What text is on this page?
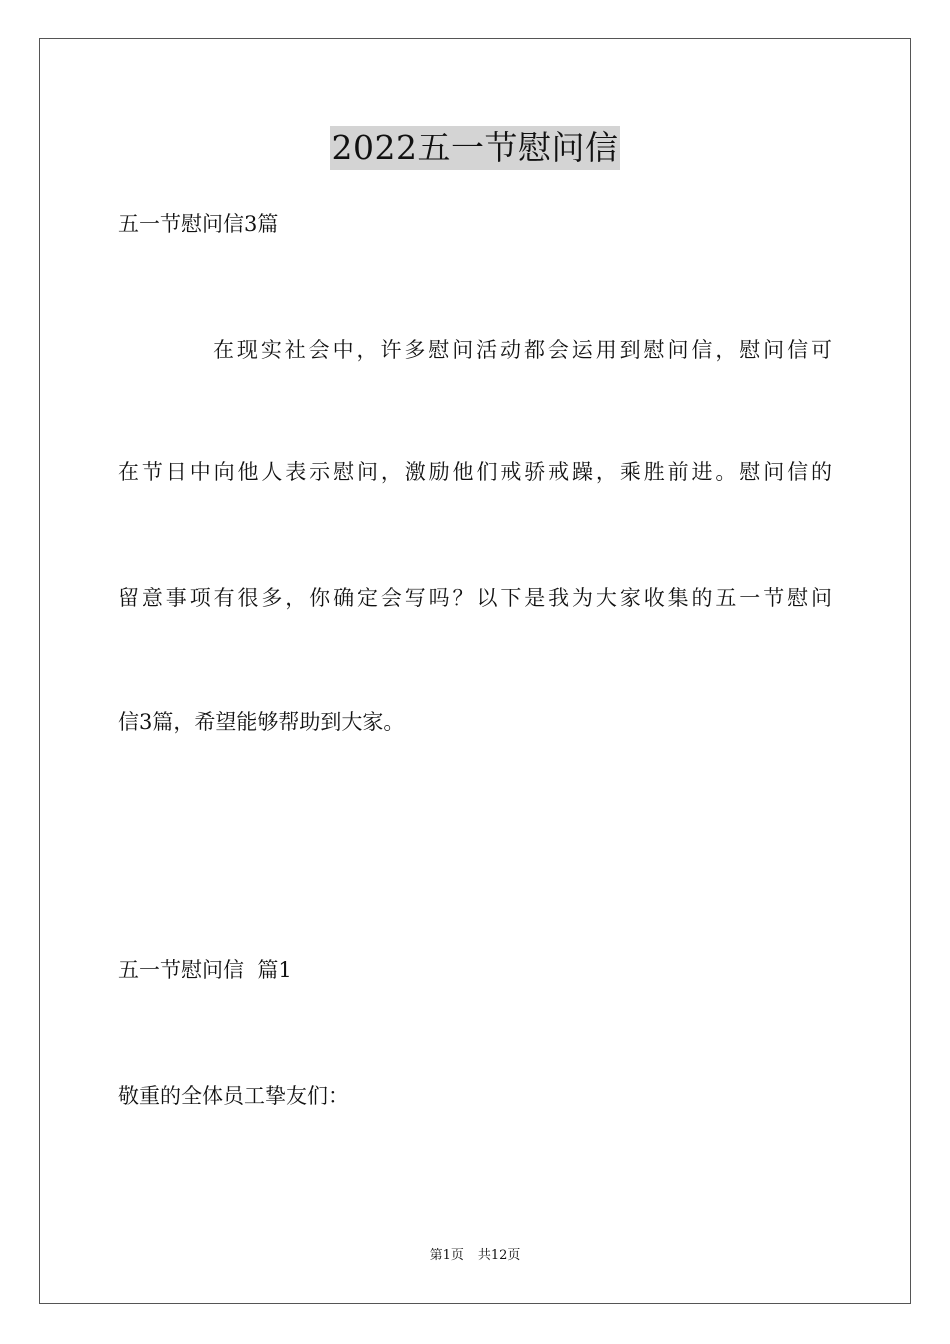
2022五一节慰问信
五一节慰问信3篇
在现实社会中，许多慰问活动都会运用到慰问信，慰问信可
在节日中向他人表示慰问，激励他们戒骄戒躁，乘胜前进。慰问信的
留意事项有很多，你确定会写吗？以下是我为大家收集的五一节慰问
信3篇，希望能够帮助到大家。
五一节慰问信  篇1
敬重的全体员工挚友们：
第1页 共12页
